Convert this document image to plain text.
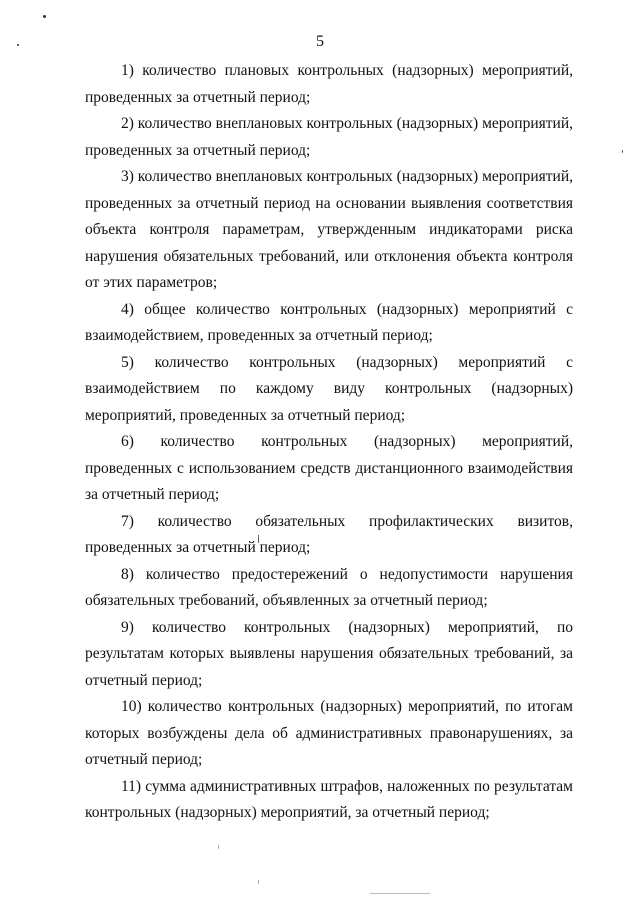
5

1) количество плановых контрольных (надзорных) мероприятий, проведенных за отчетный период;

2) количество внеплановых контрольных (надзорных) мероприятий, проведенных за отчетный период;

3) количество внеплановых контрольных (надзорных) мероприятий, проведенных за отчетный период на основании выявления соответствия объекта контроля параметрам, утвержденным индикаторами риска нарушения обязательных требований, или отклонения объекта контроля от этих параметров;

4) общее количество контрольных (надзорных) мероприятий с взаимодействием, проведенных за отчетный период;

5) количество контрольных (надзорных) мероприятий с взаимодействием по каждому виду контрольных (надзорных) мероприятий, проведенных за отчетный период;

6) количество контрольных (надзорных) мероприятий, проведенных с использованием средств дистанционного взаимодействия за отчетный период;

7) количество обязательных профилактических визитов, проведенных за отчетный период;

8) количество предостережений о недопустимости нарушения обязательных требований, объявленных за отчетный период;

9) количество контрольных (надзорных) мероприятий, по результатам которых выявлены нарушения обязательных требований, за отчетный период;

10) количество контрольных (надзорных) мероприятий, по итогам которых возбуждены дела об административных правонарушениях, за отчетный период;

11) сумма административных штрафов, наложенных по результатам контрольных (надзорных) мероприятий, за отчетный период;
